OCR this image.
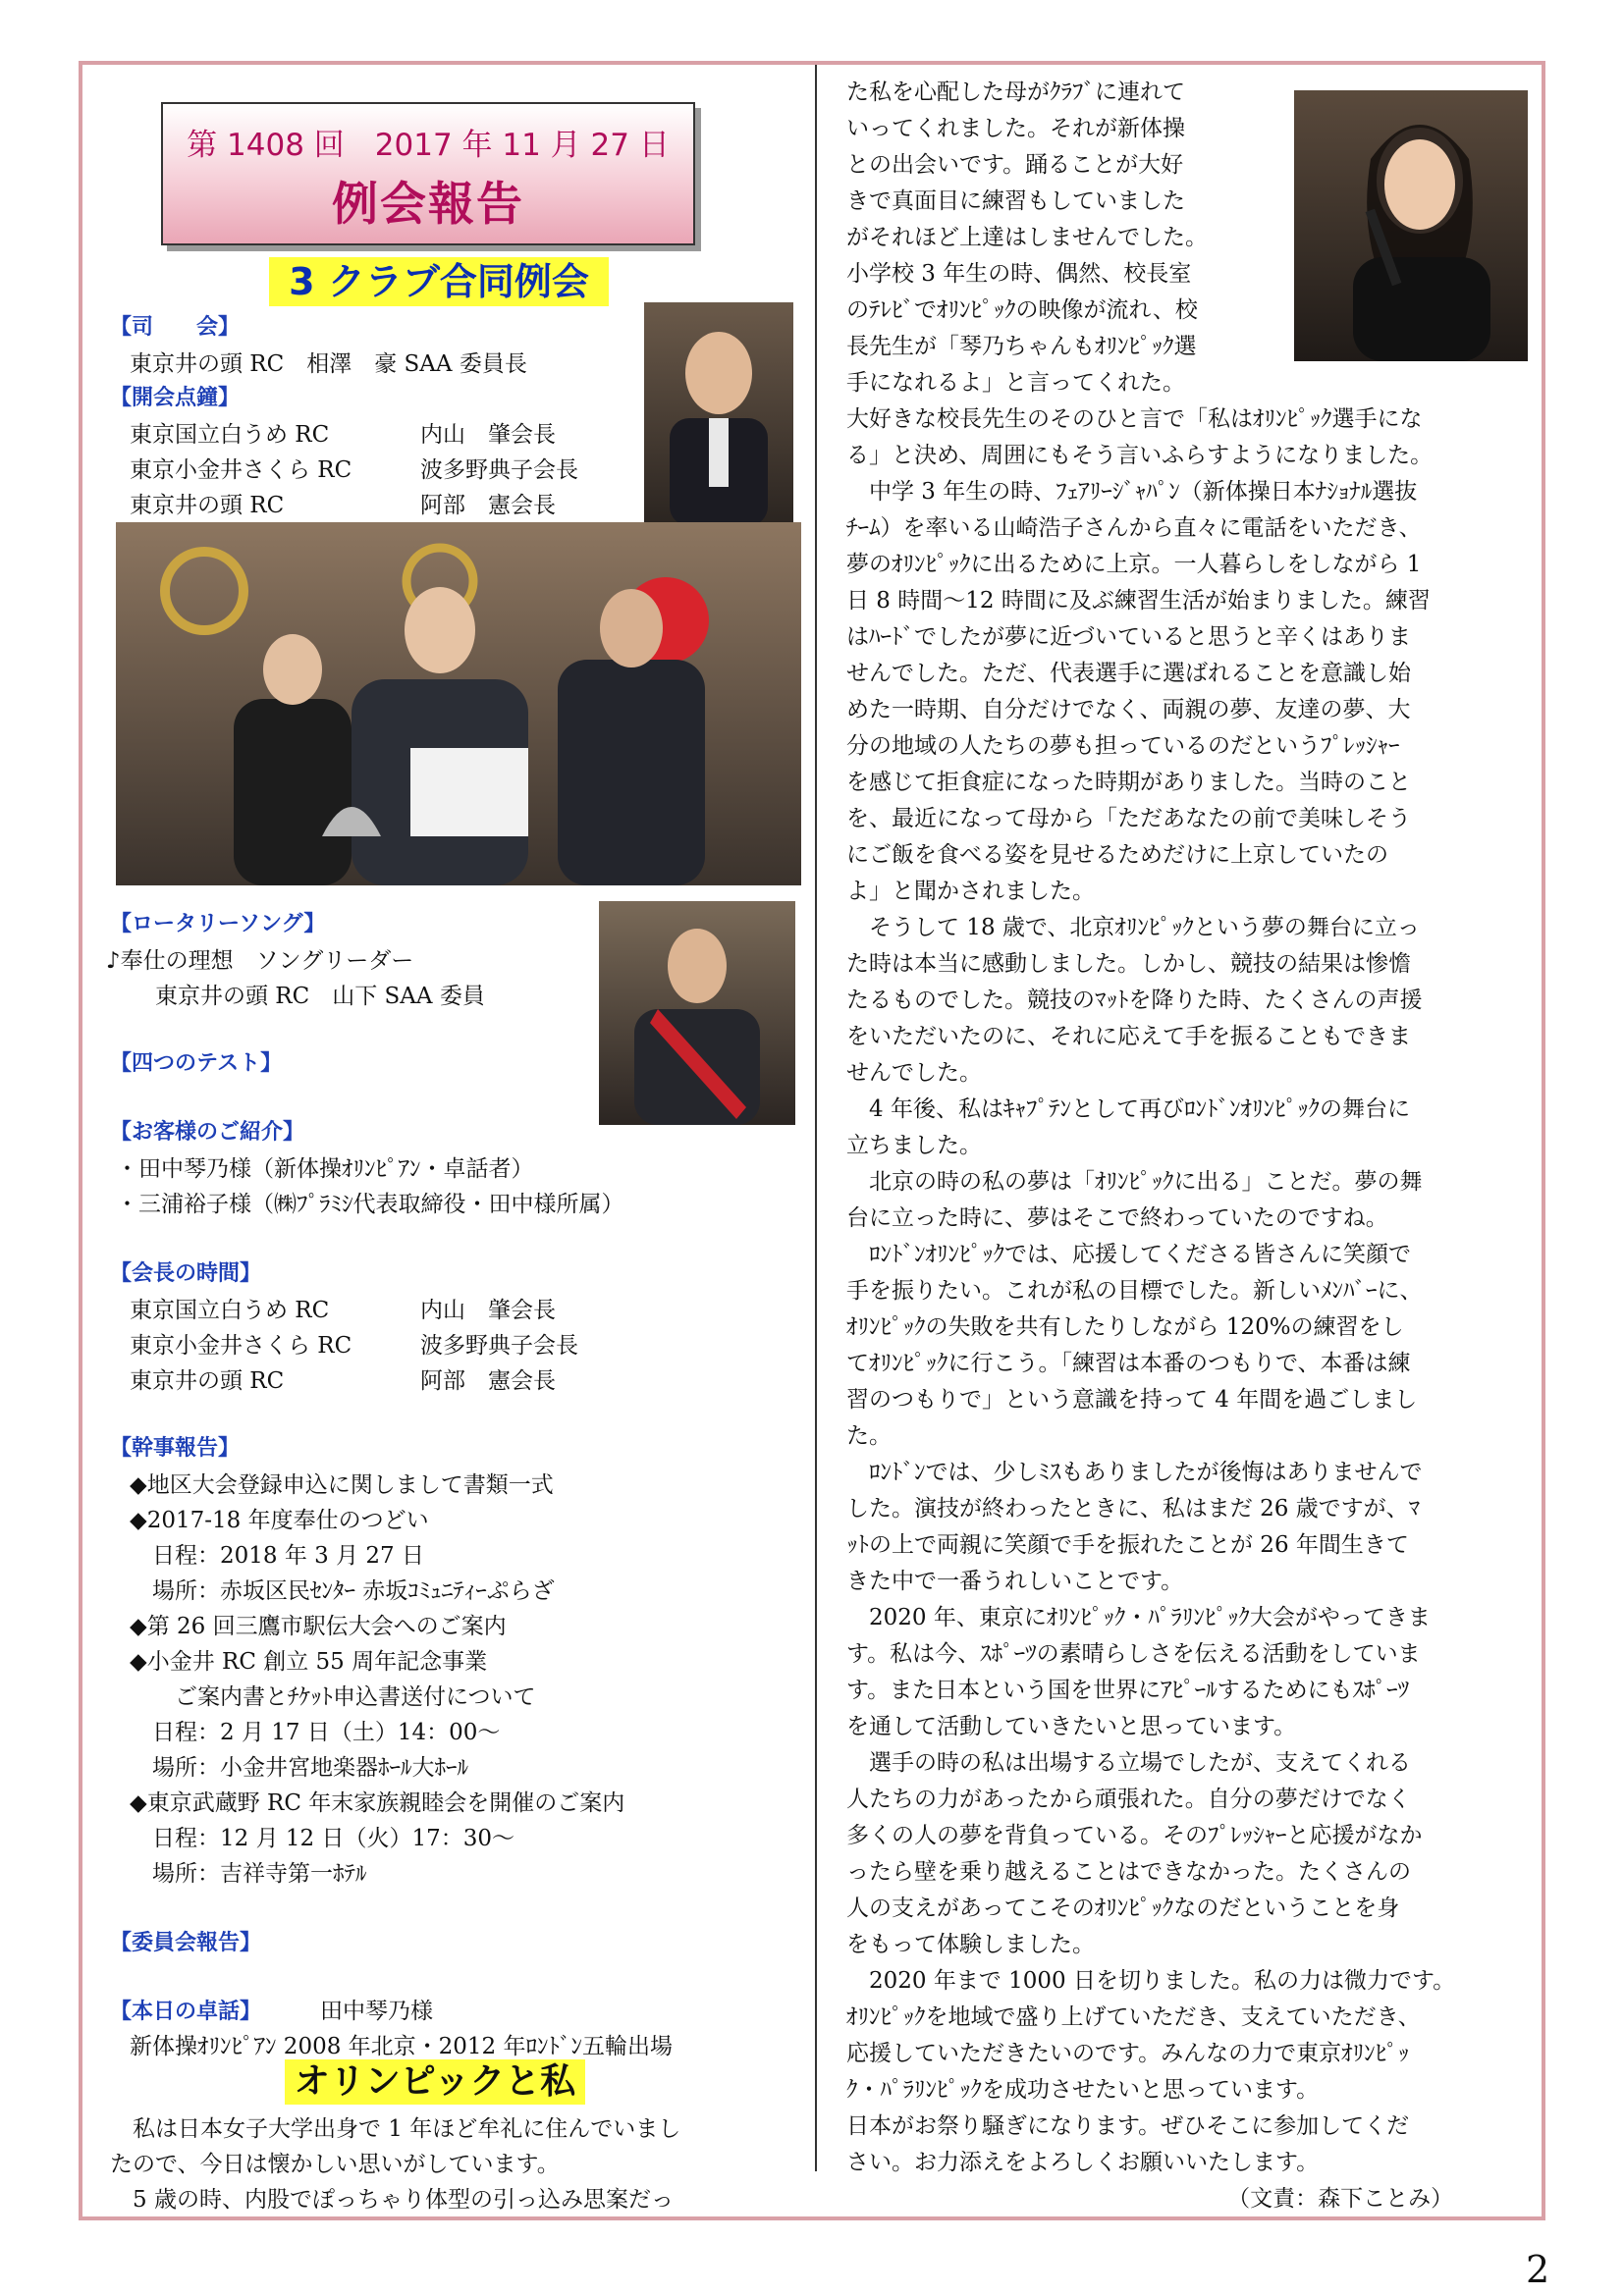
第 1408 回　2017 年 11 月 27 日
例会報告
3 クラブ合同例会
【司　　会】
東京井の頭 RC　相澤　豪 SAA 委員長
【開会点鐘】
東京国立白うめ RC	内山　肇会長
東京小金井さくら RC	波多野典子会長
東京井の頭 RC	阿部　憲会長
【ロータリーソング】
♪奉仕の理想　ソングリーダー
東京井の頭 RC　山下 SAA 委員
【四つのテスト】
【お客様のご紹介】
・田中琴乃様（新体操ｵﾘﾝﾋﾟｱﾝ・卓話者）
・三浦裕子様（㈱ﾌﾟﾗﾐｼ代表取締役・田中様所属）
【会長の時間】
東京国立白うめ RC	内山　肇会長
東京小金井さくら RC	波多野典子会長
東京井の頭 RC	阿部　憲会長
【幹事報告】
◆地区大会登録申込に関しまして書類一式
◆2017-18 年度奉仕のつどい
　日程：2018 年 3 月 27 日
　場所：赤坂区民ｾﾝﾀｰ 赤坂ｺﾐｭﾆﾃｨｰぷらざ
◆第 26 回三鷹市駅伝大会へのご案内
◆小金井 RC 創立 55 周年記念事業
　　ご案内書とﾁｹｯﾄ申込書送付について
　日程：2 月 17 日（土）14：00〜
　場所：小金井宮地楽器ﾎｰﾙ大ﾎｰﾙ
◆東京武蔵野 RC 年末家族親睦会を開催のご案内
　日程：12 月 12 日（火）17：30〜
　場所：吉祥寺第一ﾎﾃﾙ
【委員会報告】
【本日の卓話】	田中琴乃様
新体操ｵﾘﾝﾋﾟｱﾝ 2008 年北京・2012 年ﾛﾝﾄﾞﾝ五輪出場
オリンピックと私
　私は日本女子大学出身で 1 年ほど牟礼に住んでいまし
たので、今日は懐かしい思いがしています。
　5 歳の時、内股でぽっちゃり体型の引っ込み思案だっ

た私を心配した母がｸﾗﾌﾞに連れて

いってくれました。それが新体操

との出会いです。踊ることが大好

きで真面目に練習もしていました

がそれほど上達はしませんでした。

小学校 3 年生の時、偶然、校長室

のﾃﾚﾋﾞでｵﾘﾝﾋﾟｯｸの映像が流れ、校

長先生が「琴乃ちゃんもｵﾘﾝﾋﾟｯｸ選

手になれるよ」と言ってくれた。

大好きな校長先生のそのひと言で「私はｵﾘﾝﾋﾟｯｸ選手にな

る」と決め、周囲にもそう言いふらすようになりました。

　中学 3 年生の時、ﾌｪｱﾘｰｼﾞｬﾊﾟﾝ（新体操日本ﾅｼｮﾅﾙ選抜

ﾁｰﾑ）を率いる山崎浩子さんから直々に電話をいただき、

夢のｵﾘﾝﾋﾟｯｸに出るために上京。一人暮らしをしながら 1

日 8 時間〜12 時間に及ぶ練習生活が始まりました。練習

はﾊｰﾄﾞでしたが夢に近づいていると思うと辛くはありま

せんでした。ただ、代表選手に選ばれることを意識し始

めた一時期、自分だけでなく、両親の夢、友達の夢、大

分の地域の人たちの夢も担っているのだというﾌﾟﾚｯｼｬｰ

を感じて拒食症になった時期がありました。当時のこと

を、最近になって母から「ただあなたの前で美味しそう

にご飯を食べる姿を見せるためだけに上京していたの

よ」と聞かされました。

　そうして 18 歳で、北京ｵﾘﾝﾋﾟｯｸという夢の舞台に立っ

た時は本当に感動しました。しかし、競技の結果は惨憺

たるものでした。競技のﾏｯﾄを降りた時、たくさんの声援

をいただいたのに、それに応えて手を振ることもできま

せんでした。

　4 年後、私はｷｬﾌﾟﾃﾝとして再びﾛﾝﾄﾞﾝｵﾘﾝﾋﾟｯｸの舞台に

立ちました。

　北京の時の私の夢は「ｵﾘﾝﾋﾟｯｸに出る」ことだ。夢の舞

台に立った時に、夢はそこで終わっていたのですね。

　ﾛﾝﾄﾞﾝｵﾘﾝﾋﾟｯｸでは、応援してくださる皆さんに笑顔で

手を振りたい。これが私の目標でした。新しいﾒﾝﾊﾞｰに、

ｵﾘﾝﾋﾟｯｸの失敗を共有したりしながら 120%の練習をし

てｵﾘﾝﾋﾟｯｸに行こう。「練習は本番のつもりで、本番は練

習のつもりで」という意識を持って 4 年間を過ごしまし

た。

　ﾛﾝﾄﾞﾝでは、少しﾐｽもありましたが後悔はありませんで

した。演技が終わったときに、私はまだ 26 歳ですが、ﾏ

ｯﾄの上で両親に笑顔で手を振れたことが 26 年間生きて

きた中で一番うれしいことです。

　2020 年、東京にｵﾘﾝﾋﾟｯｸ・ﾊﾟﾗﾘﾝﾋﾟｯｸ大会がやってきま

す。私は今、ｽﾎﾟｰﾂの素晴らしさを伝える活動をしていま

す。また日本という国を世界にｱﾋﾟｰﾙするためにもｽﾎﾟｰﾂ

を通して活動していきたいと思っています。

　選手の時の私は出場する立場でしたが、支えてくれる

人たちの力があったから頑張れた。自分の夢だけでなく

多くの人の夢を背負っている。そのﾌﾟﾚｯｼｬｰと応援がなか

ったら壁を乗り越えることはできなかった。たくさんの

人の支えがあってこそのｵﾘﾝﾋﾟｯｸなのだということを身

をもって体験しました。

　2020 年まで 1000 日を切りました。私の力は微力です。

ｵﾘﾝﾋﾟｯｸを地域で盛り上げていただき、支えていただき、

応援していただきたいのです。みんなの力で東京ｵﾘﾝﾋﾟｯ

ｸ・ﾊﾟﾗﾘﾝﾋﾟｯｸを成功させたいと思っています。

日本がお祭り騒ぎになります。ぜひそこに参加してくだ

さい。お力添えをよろしくお願いいたします。

（文責：森下ことみ）

2
